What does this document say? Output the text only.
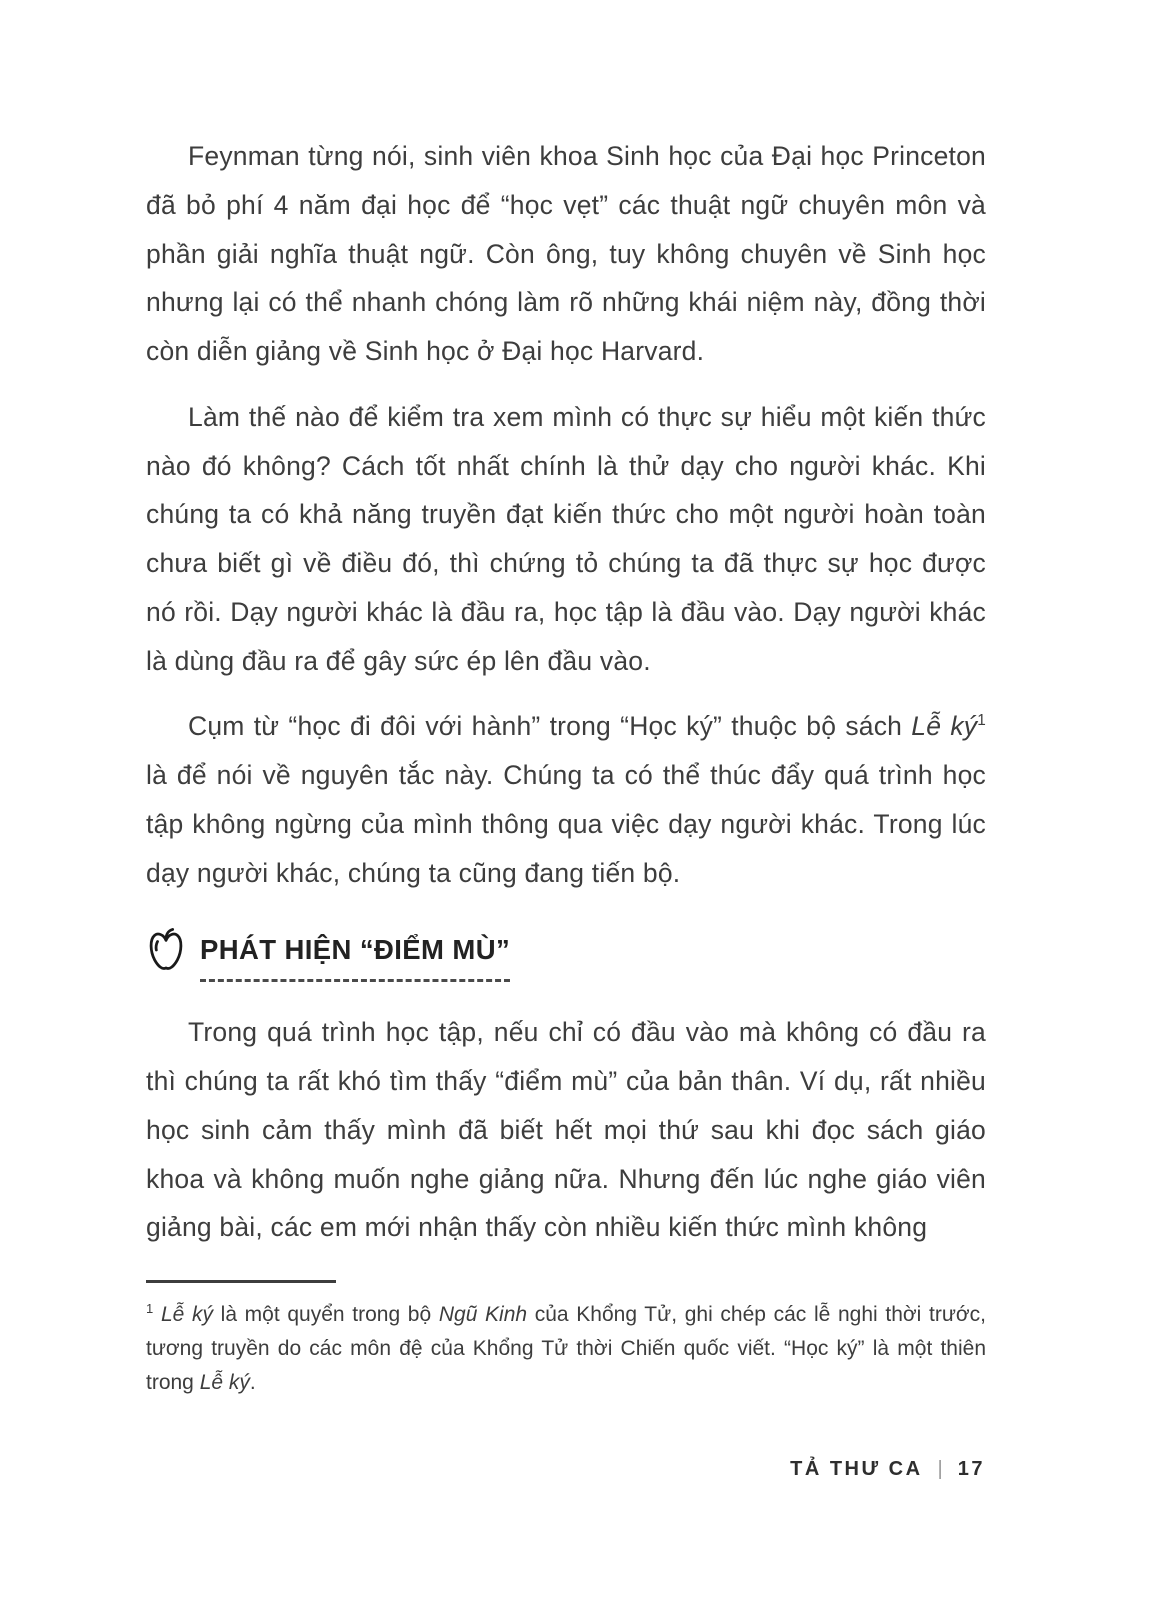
Feynman từng nói, sinh viên khoa Sinh học của Đại học Princeton đã bỏ phí 4 năm đại học để “học vẹt” các thuật ngữ chuyên môn và phần giải nghĩa thuật ngữ. Còn ông, tuy không chuyên về Sinh học nhưng lại có thể nhanh chóng làm rõ những khái niệm này, đồng thời còn diễn giảng về Sinh học ở Đại học Harvard.

Làm thế nào để kiểm tra xem mình có thực sự hiểu một kiến thức nào đó không? Cách tốt nhất chính là thử dạy cho người khác. Khi chúng ta có khả năng truyền đạt kiến thức cho một người hoàn toàn chưa biết gì về điều đó, thì chứng tỏ chúng ta đã thực sự học được nó rồi. Dạy người khác là đầu ra, học tập là đầu vào. Dạy người khác là dùng đầu ra để gây sức ép lên đầu vào.

Cụm từ “học đi đôi với hành” trong “Học ký” thuộc bộ sách Lễ ký$^1$ là để nói về nguyên tắc này. Chúng ta có thể thúc đẩy quá trình học tập không ngừng của mình thông qua việc dạy người khác. Trong lúc dạy người khác, chúng ta cũng đang tiến bộ.

PHÁT HIỆN “ĐIỂM MÙ”

Trong quá trình học tập, nếu chỉ có đầu vào mà không có đầu ra thì chúng ta rất khó tìm thấy “điểm mù” của bản thân. Ví dụ, rất nhiều học sinh cảm thấy mình đã biết hết mọi thứ sau khi đọc sách giáo khoa và không muốn nghe giảng nữa. Nhưng đến lúc nghe giáo viên giảng bài, các em mới nhận thấy còn nhiều kiến thức mình không

$^1$ Lễ ký là một quyển trong bộ Ngũ Kinh của Khổng Tử, ghi chép các lễ nghi thời trước, tương truyền do các môn đệ của Khổng Tử thời Chiến quốc viết. “Học ký” là một thiên trong Lễ ký.

TẢ THƯ CA | 17
